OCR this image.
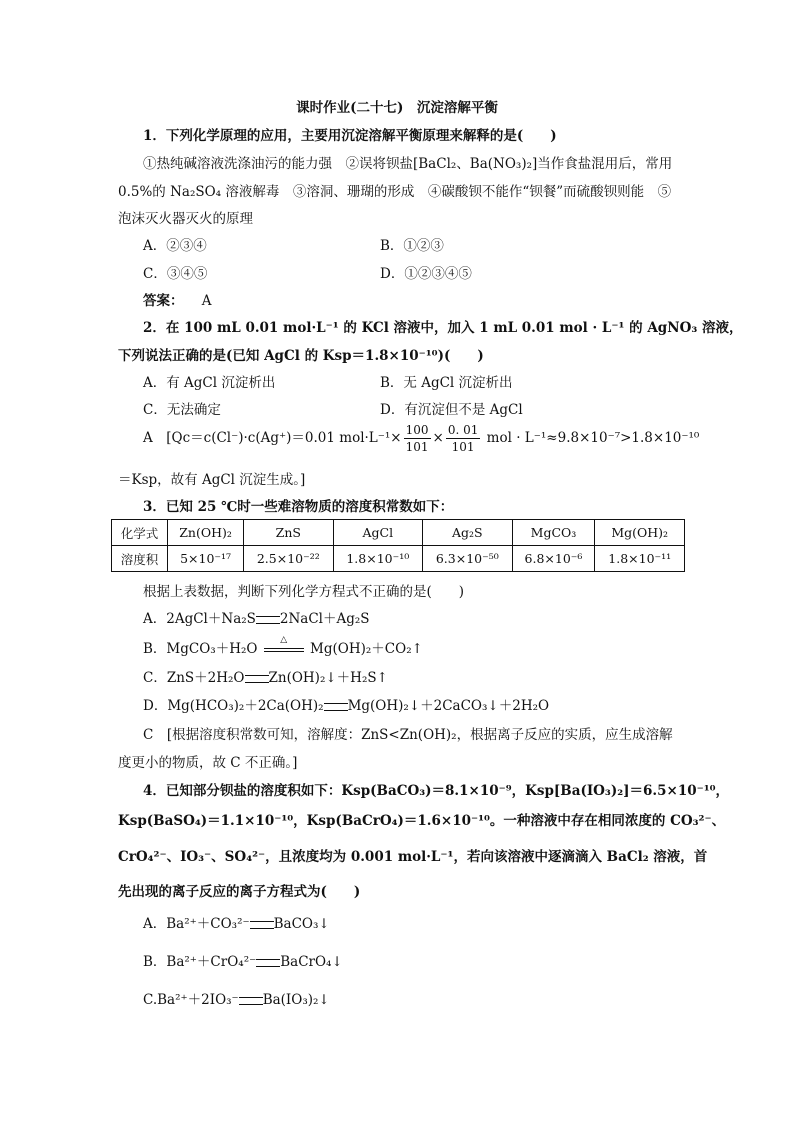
课时作业(二十七)　沉淀溶解平衡
1．下列化学原理的应用，主要用沉淀溶解平衡原理来解释的是(　　)
①热纯碱溶液洗涤油污的能力强　②误将钡盐[BaCl₂、Ba(NO₃)₂]当作食盐混用后，常用
0.5%的 Na₂SO₄ 溶液解毒　③溶洞、珊瑚的形成　④碳酸钡不能作“钡餐”而硫酸钡则能　⑤
泡沫灭火器灭火的原理
A．②③④	B．①②③
C．③④⑤	D．①②③④⑤
答案： A
2．在 100 mL 0.01 mol·L⁻¹ 的 KCl 溶液中，加入 1 mL 0.01 mol · L⁻¹ 的 AgNO₃ 溶液，
下列说法正确的是(已知 AgCl 的 Ksp＝1.8×10⁻¹⁰)(　　)
A．有 AgCl 沉淀析出	B．无 AgCl 沉淀析出
C．无法确定	D．有沉淀但不是 AgCl
A　[Qc＝c(Cl⁻)·c(Ag⁺)＝0.01 $mol\cdot L^{-1}\times \frac{100}{101} \times \frac{0. 01}{101}$ mol · L⁻¹≈9.8×10⁻⁷>1.8×10⁻¹⁰
＝Ksp，故有 AgCl 沉淀生成。]
3．已知 25 ℃时一些难溶物质的溶度积常数如下：
化学式	Zn(OH)₂	ZnS	AgCl	Ag₂S	MgCO₃	Mg(OH)₂
溶度积	5×10⁻¹⁷	2.5×10⁻²²	1.8×10⁻¹⁰	6.3×10⁻⁵⁰	6.8×10⁻⁶	1.8×10⁻¹¹
根据上表数据，判断下列化学方程式不正确的是(　　)
A．2AgCl＋Na₂S 2NaCl＋Ag₂S
B．MgCO₃＋H₂O
△
Mg(OH)₂＋CO₂↑
C．ZnS＋2H₂O Zn(OH)₂↓＋H₂S↑
D．Mg(HCO₃)₂＋2Ca(OH)₂ Mg(OH)₂↓＋2CaCO₃↓＋2H₂O
C　[根据溶度积常数可知，溶解度：ZnS<Zn(OH)₂，根据离子反应的实质，应生成溶解
度更小的物质，故 C 不正确。]
4．已知部分钡盐的溶度积如下：Ksp(BaCO₃)＝8.1×10⁻⁹，Ksp[Ba(IO₃)₂]＝6.5×10⁻¹⁰，
Ksp(BaSO₄)＝1.1×10⁻¹⁰，Ksp(BaCrO₄)＝1.6×10⁻¹⁰。一种溶液中存在相同浓度的 CO₃²⁻、
CrO₄²⁻、IO₃⁻、SO₄²⁻，且浓度均为 0.001 mol·L⁻¹，若向该溶液中逐滴滴入 BaCl₂ 溶液，首
先出现的离子反应的离子方程式为(　　)
A．Ba²⁺＋CO₃²⁻ BaCO₃↓
B．Ba²⁺＋CrO₄²⁻ BaCrO₄↓
C.Ba²⁺＋2IO₃⁻ Ba(IO₃)₂↓
